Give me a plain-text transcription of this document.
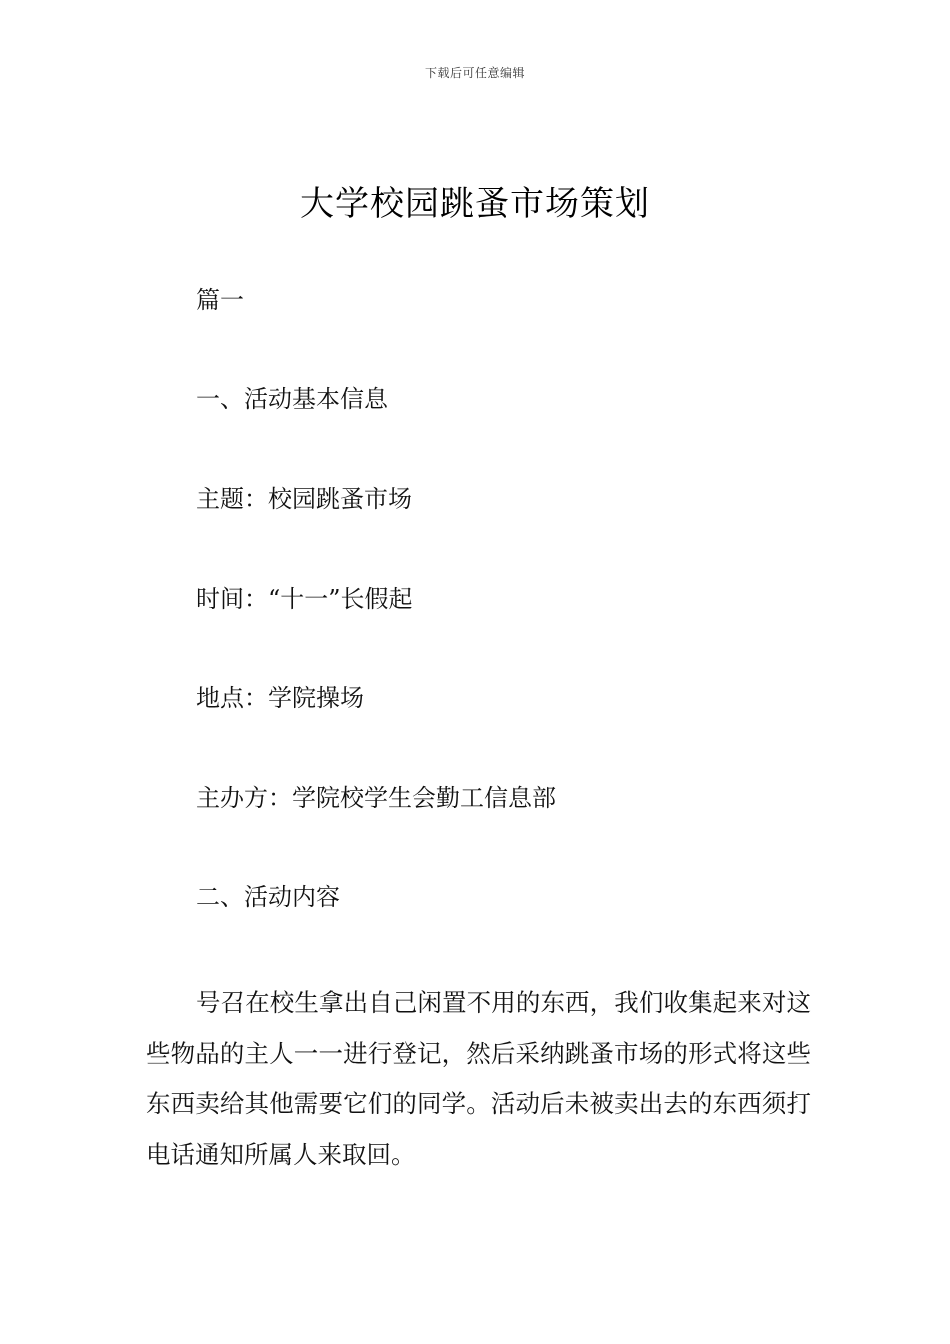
下载后可任意编辑
大学校园跳蚤市场策划
篇一
一、活动基本信息
主题：校园跳蚤市场
时间：“十一”长假起
地点：学院操场
主办方：学院校学生会勤工信息部
二、活动内容
号召在校生拿出自己闲置不用的东西，我们收集起来对这些物品的主人一一进行登记，然后采纳跳蚤市场的形式将这些东西卖给其他需要它们的同学。活动后未被卖出去的东西须打电话通知所属人来取回。
